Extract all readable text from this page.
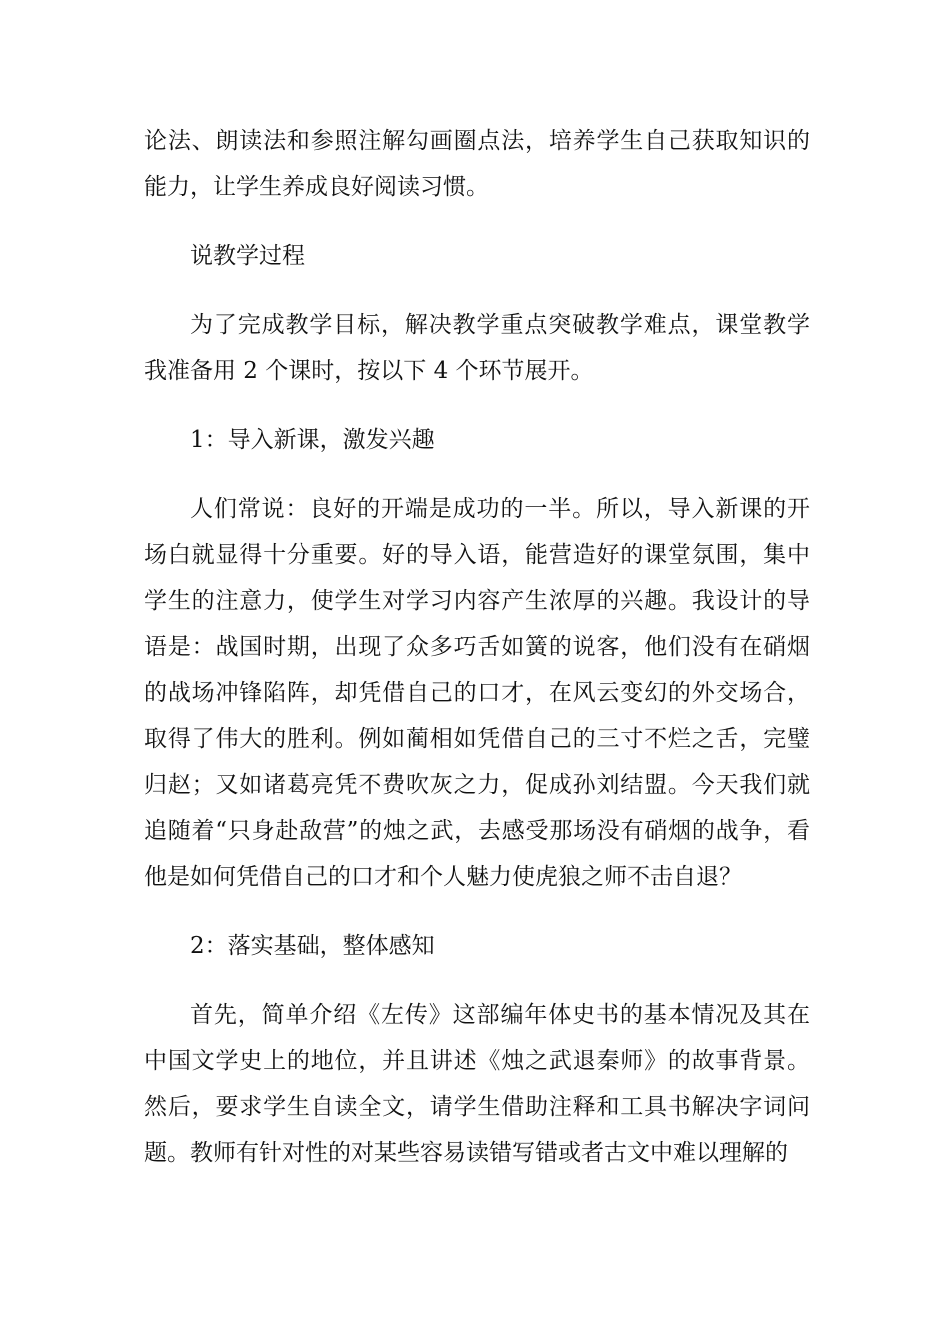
论法、朗读法和参照注解勾画圈点法，培养学生自己获取知识的能力，让学生养成良好阅读习惯。

说教学过程

为了完成教学目标，解决教学重点突破教学难点，课堂教学我准备用 2 个课时，按以下 4 个环节展开。

1：导入新课，激发兴趣

人们常说：良好的开端是成功的一半。所以，导入新课的开场白就显得十分重要。好的导入语，能营造好的课堂氛围，集中学生的注意力，使学生对学习内容产生浓厚的兴趣。我设计的导语是：战国时期，出现了众多巧舌如簧的说客，他们没有在硝烟的战场冲锋陷阵，却凭借自己的口才，在风云变幻的外交场合，取得了伟大的胜利。例如蔺相如凭借自己的三寸不烂之舌，完璧归赵；又如诸葛亮凭不费吹灰之力，促成孙刘结盟。今天我们就追随着“只身赴敌营”的烛之武，去感受那场没有硝烟的战争，看他是如何凭借自己的口才和个人魅力使虎狼之师不击自退？

2：落实基础，整体感知

首先，简单介绍《左传》这部编年体史书的基本情况及其在中国文学史上的地位，并且讲述《烛之武退秦师》的故事背景。然后，要求学生自读全文，请学生借助注释和工具书解决字词问题。教师有针对性的对某些容易读错写错或者古文中难以理解的
